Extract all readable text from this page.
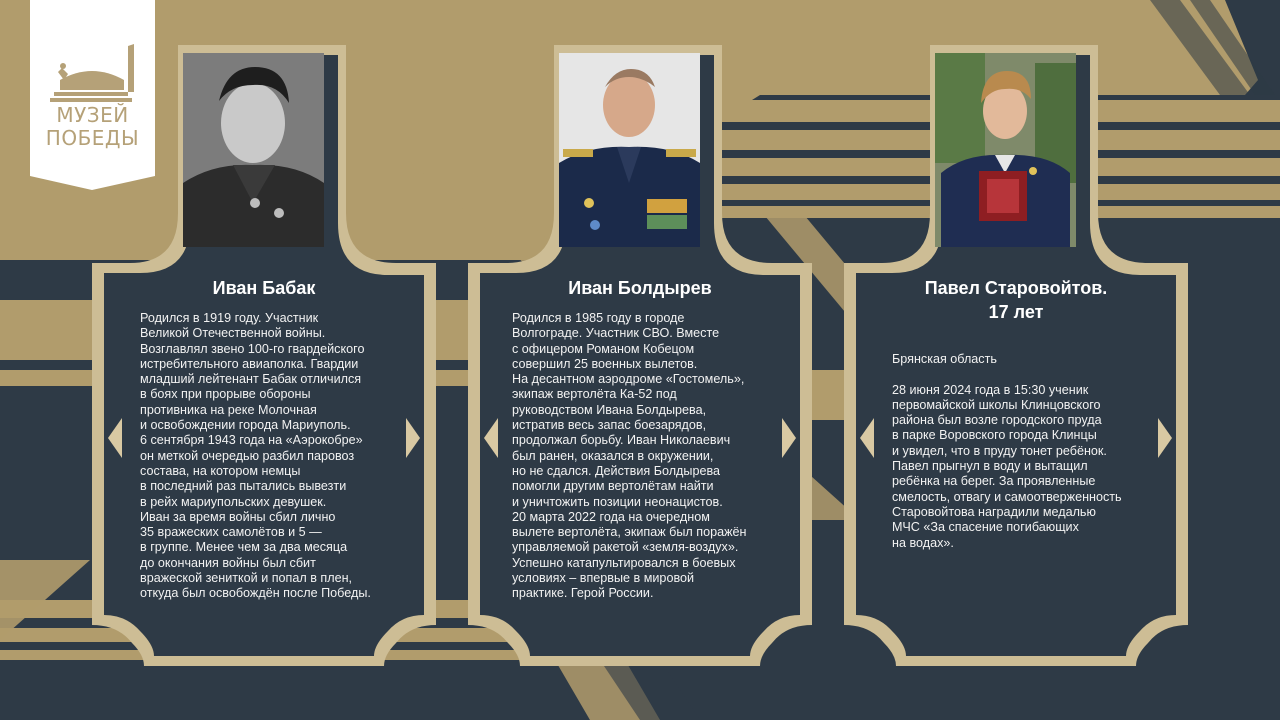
МУЗЕЙ
ПОБЕДЫ
Иван Бабак
Родился в 1919 году. Участник
Великой Отечественной войны.
Возглавлял звено 100-го гвардейского
истребительного авиаполка. Гвардии
младший лейтенант Бабак отличился
в боях при прорыве обороны
противника на реке Молочная
и освобождении города Мариуполь.
6 сентября 1943 года на «Аэрокобре»
он меткой очередью разбил паровоз
состава, на котором немцы
в последний раз пытались вывезти
в рейх мариупольских девушек.
Иван за время войны сбил лично
35 вражеских самолётов и 5 —
в группе. Менее чем за два месяца
до окончания войны был сбит
вражеской зениткой и попал в плен,
откуда был освобождён после Победы.
Иван Болдырев
Родился в 1985 году в городе
Волгограде. Участник СВО. Вместе
с офицером Романом Кобецом
совершил 25 военных вылетов.
На десантном аэродроме «Гостомель»,
экипаж вертолёта Ка-52 под
руководством Ивана Болдырева,
истратив весь запас боезарядов,
продолжал борьбу. Иван Николаевич
был ранен, оказался в окружении,
но не сдался. Действия Болдырева
помогли другим вертолётам найти
и уничтожить позиции неонацистов.
20 марта 2022 года на очередном
вылете вертолёта, экипаж был поражён
управляемой ракетой «земля-воздух».
Успешно катапультировался в боевых
условиях – впервые в мировой
практике. Герой России.
Павел Старовойтов.
17 лет
Брянская область

28 июня 2024 года в 15:30 ученик
первомайской школы Клинцовского
района был возле городского пруда
в парке Воровского города Клинцы
и увидел, что в пруду тонет ребёнок.
Павел прыгнул в воду и вытащил
ребёнка на берег. За проявленные
смелость, отвагу и самоотверженность
Старовойтова наградили медалью
МЧС «За спасение погибающих
на водах».
